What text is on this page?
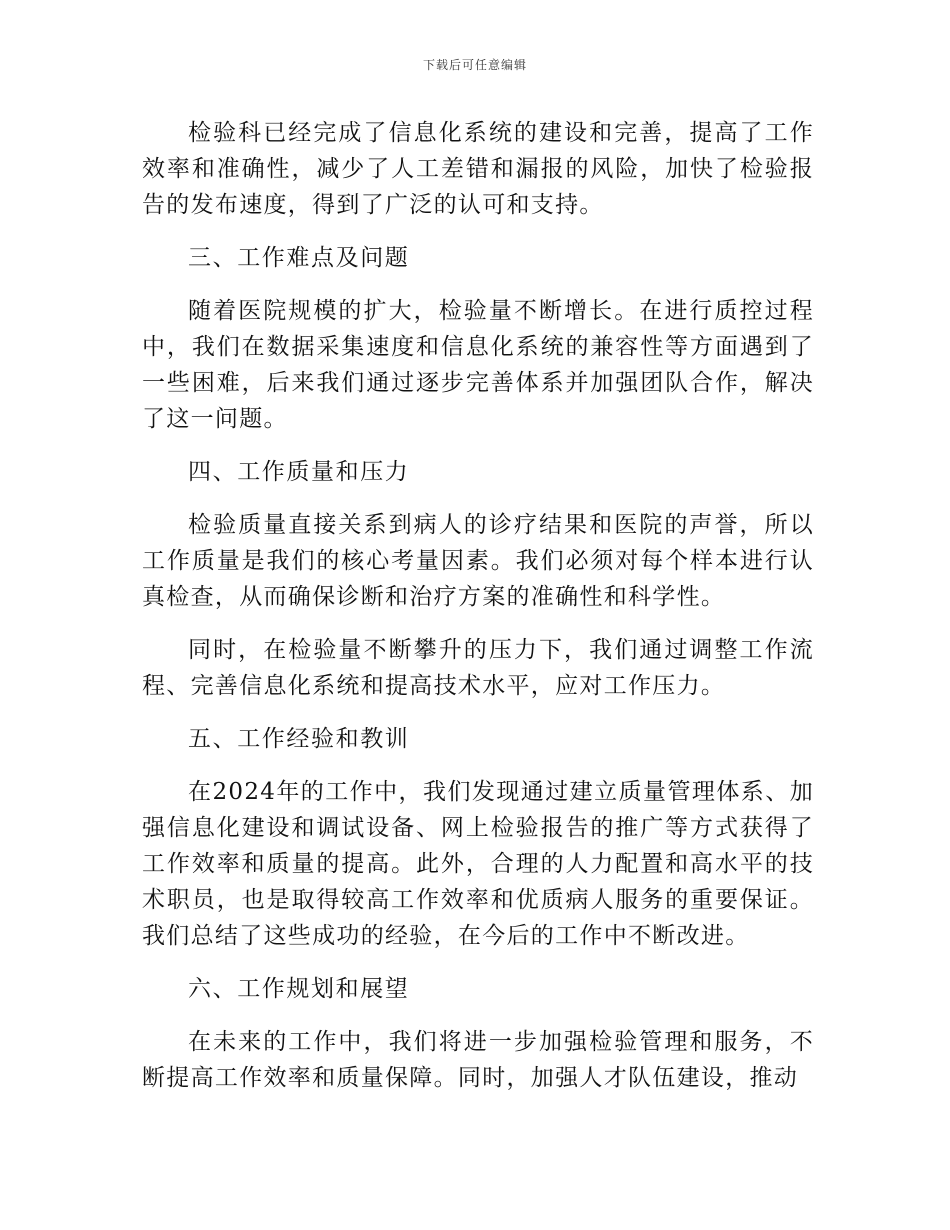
下载后可任意编辑

检验科已经完成了信息化系统的建设和完善，提高了工作效率和准确性，减少了人工差错和漏报的风险，加快了检验报告的发布速度，得到了广泛的认可和支持。

三、工作难点及问题

随着医院规模的扩大，检验量不断增长。在进行质控过程中，我们在数据采集速度和信息化系统的兼容性等方面遇到了一些困难，后来我们通过逐步完善体系并加强团队合作，解决了这一问题。

四、工作质量和压力

检验质量直接关系到病人的诊疗结果和医院的声誉，所以工作质量是我们的核心考量因素。我们必须对每个样本进行认真检查，从而确保诊断和治疗方案的准确性和科学性。

同时，在检验量不断攀升的压力下，我们通过调整工作流程、完善信息化系统和提高技术水平，应对工作压力。

五、工作经验和教训

在2024年的工作中，我们发现通过建立质量管理体系、加强信息化建设和调试设备、网上检验报告的推广等方式获得了工作效率和质量的提高。此外，合理的人力配置和高水平的技术职员，也是取得较高工作效率和优质病人服务的重要保证。我们总结了这些成功的经验，在今后的工作中不断改进。

六、工作规划和展望

在未来的工作中，我们将进一步加强检验管理和服务，不断提高工作效率和质量保障。同时，加强人才队伍建设，推动
